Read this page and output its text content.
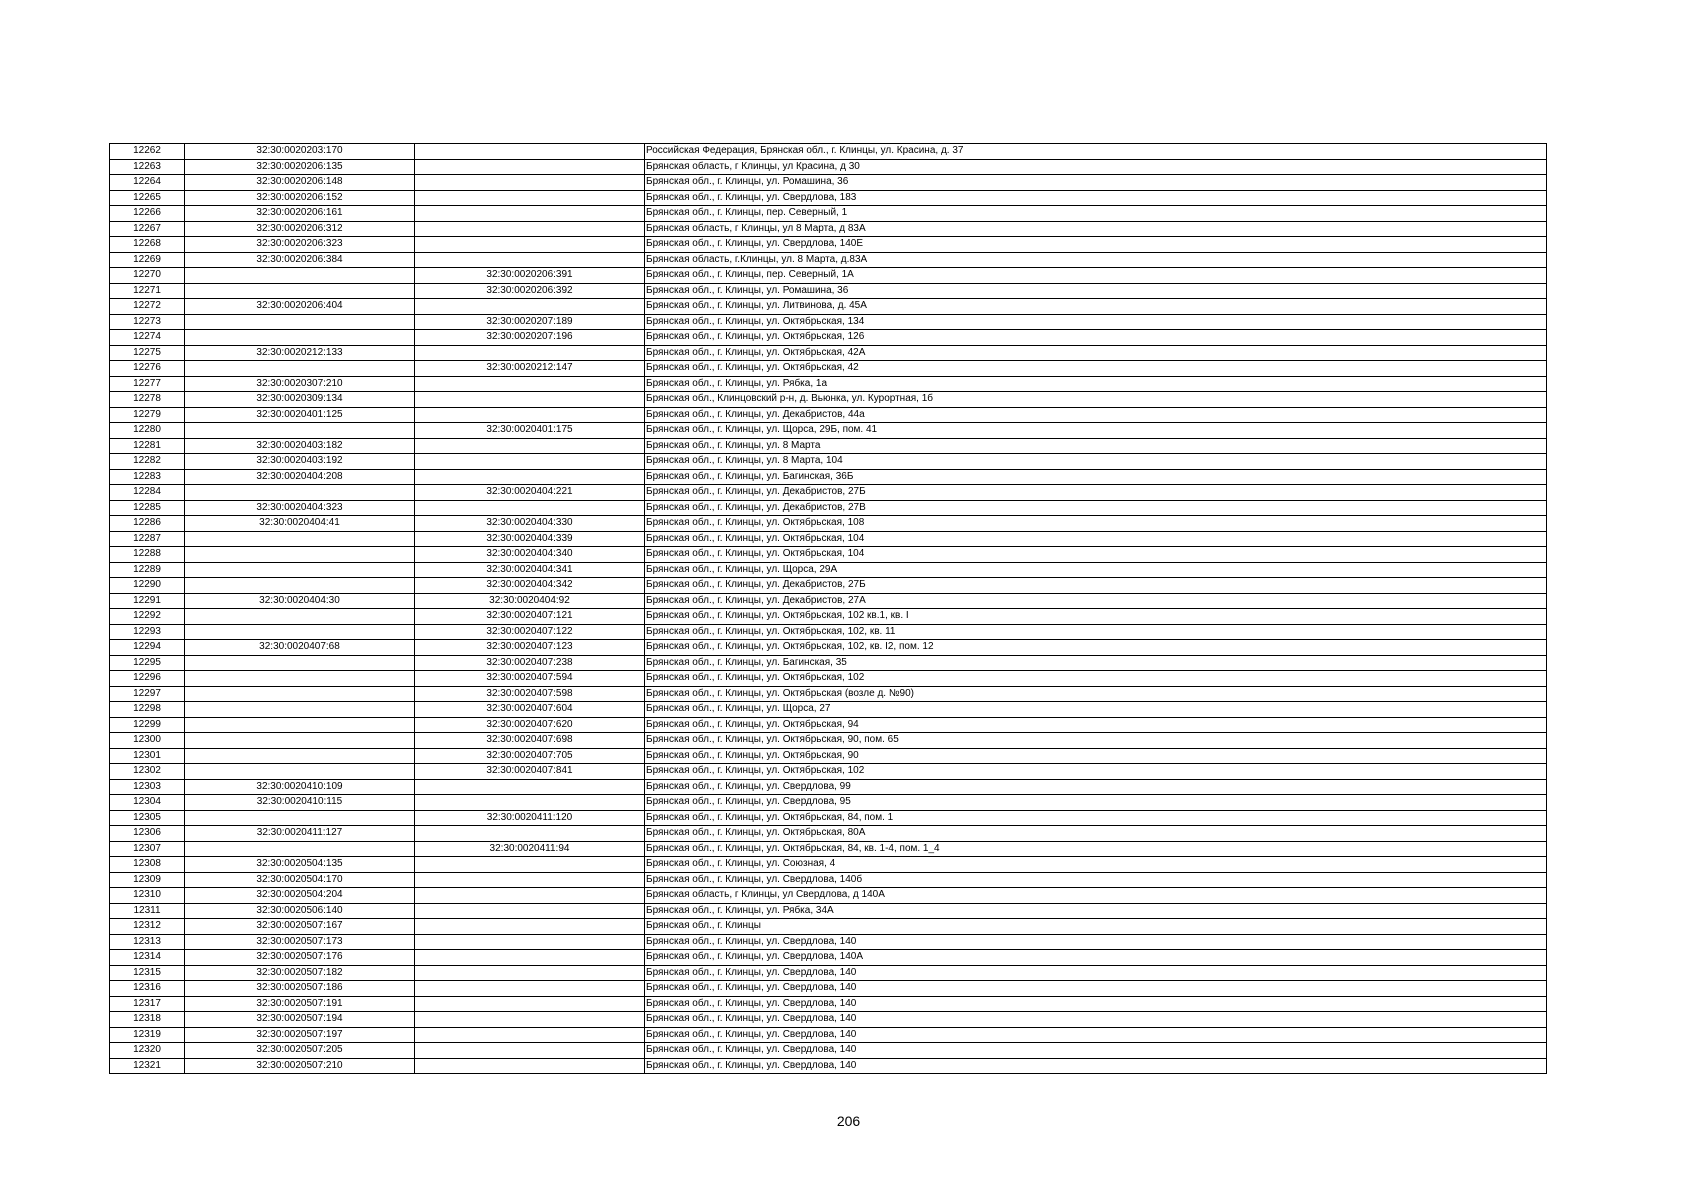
12262	32:30:0020203:170		Российская Федерация, Брянская обл., г. Клинцы, ул. Красина, д. 37
12263	32:30:0020206:135		Брянская область, г Клинцы, ул Красина, д 30
12264	32:30:0020206:148		Брянская обл., г. Клинцы, ул. Ромашина, 36
12265	32:30:0020206:152		Брянская обл., г. Клинцы, ул. Свердлова, 183
12266	32:30:0020206:161		Брянская обл., г. Клинцы, пер. Северный, 1
12267	32:30:0020206:312		Брянская область, г Клинцы, ул 8 Марта, д 83А
12268	32:30:0020206:323		Брянская обл., г. Клинцы, ул. Свердлова, 140Е
12269	32:30:0020206:384		Брянская область, г.Клинцы, ул. 8 Марта, д.83А
12270		32:30:0020206:391	Брянская обл., г. Клинцы, пер. Северный, 1А
12271		32:30:0020206:392	Брянская обл., г. Клинцы, ул. Ромашина, 36
12272	32:30:0020206:404		Брянская обл., г. Клинцы, ул. Литвинова, д. 45А
12273		32:30:0020207:189	Брянская обл., г. Клинцы, ул. Октябрьская, 134
12274		32:30:0020207:196	Брянская обл., г. Клинцы, ул. Октябрьская, 126
12275	32:30:0020212:133		Брянская обл., г. Клинцы, ул. Октябрьская, 42А
12276		32:30:0020212:147	Брянская обл., г. Клинцы, ул. Октябрьская, 42
12277	32:30:0020307:210		Брянская обл., г. Клинцы, ул. Рябка, 1а
12278	32:30:0020309:134		Брянская обл., Клинцовский р-н, д. Вьюнка, ул. Курортная, 1б
12279	32:30:0020401:125		Брянская обл., г. Клинцы, ул. Декабристов, 44а
12280		32:30:0020401:175	Брянская обл., г. Клинцы, ул. Щорса, 29Б, пом. 41
12281	32:30:0020403:182		Брянская обл., г. Клинцы, ул. 8 Марта
12282	32:30:0020403:192		Брянская обл., г. Клинцы, ул. 8 Марта, 104
12283	32:30:0020404:208		Брянская обл., г. Клинцы, ул. Багинская, 36Б
12284		32:30:0020404:221	Брянская обл., г. Клинцы, ул. Декабристов, 27Б
12285	32:30:0020404:323		Брянская обл., г. Клинцы, ул. Декабристов, 27В
12286	32:30:0020404:41	32:30:0020404:330	Брянская обл., г. Клинцы, ул. Октябрьская, 108
12287		32:30:0020404:339	Брянская обл., г. Клинцы, ул. Октябрьская, 104
12288		32:30:0020404:340	Брянская обл., г. Клинцы, ул. Октябрьская, 104
12289		32:30:0020404:341	Брянская обл., г. Клинцы, ул. Щорса, 29А
12290		32:30:0020404:342	Брянская обл., г. Клинцы, ул. Декабристов, 27Б
12291	32:30:0020404:30	32:30:0020404:92	Брянская обл., г. Клинцы, ул. Декабристов, 27А
12292		32:30:0020407:121	Брянская обл., г. Клинцы, ул. Октябрьская, 102 кв.1, кв. I
12293		32:30:0020407:122	Брянская обл., г. Клинцы, ул. Октябрьская, 102, кв. 11
12294	32:30:0020407:68	32:30:0020407:123	Брянская обл., г. Клинцы, ул. Октябрьская, 102, кв. I2, пом. 12
12295		32:30:0020407:238	Брянская обл., г. Клинцы, ул. Багинская, 35
12296		32:30:0020407:594	Брянская обл., г. Клинцы, ул. Октябрьская, 102
12297		32:30:0020407:598	Брянская обл., г. Клинцы, ул. Октябрьская (возле д. №90)
12298		32:30:0020407:604	Брянская обл., г. Клинцы, ул. Щорса, 27
12299		32:30:0020407:620	Брянская обл., г. Клинцы, ул. Октябрьская, 94
12300		32:30:0020407:698	Брянская обл., г. Клинцы, ул. Октябрьская, 90, пом. 65
12301		32:30:0020407:705	Брянская обл., г. Клинцы, ул. Октябрьская, 90
12302		32:30:0020407:841	Брянская обл., г. Клинцы, ул. Октябрьская, 102
12303	32:30:0020410:109		Брянская обл., г. Клинцы, ул. Свердлова, 99
12304	32:30:0020410:115		Брянская обл., г. Клинцы, ул. Свердлова, 95
12305		32:30:0020411:120	Брянская обл., г. Клинцы, ул. Октябрьская, 84, пом. 1
12306	32:30:0020411:127		Брянская обл., г. Клинцы, ул. Октябрьская, 80А
12307		32:30:0020411:94	Брянская обл., г. Клинцы, ул. Октябрьская, 84, кв. 1-4, пом. 1_4
12308	32:30:0020504:135		Брянская обл., г. Клинцы, ул. Союзная, 4
12309	32:30:0020504:170		Брянская обл., г. Клинцы, ул. Свердлова, 140б
12310	32:30:0020504:204		Брянская область, г Клинцы, ул Свердлова, д 140А
12311	32:30:0020506:140		Брянская обл., г. Клинцы, ул. Рябка, 34А
12312	32:30:0020507:167		Брянская обл., г. Клинцы
12313	32:30:0020507:173		Брянская обл., г. Клинцы, ул. Свердлова, 140
12314	32:30:0020507:176		Брянская обл., г. Клинцы, ул. Свердлова, 140А
12315	32:30:0020507:182		Брянская обл., г. Клинцы, ул. Свердлова, 140
12316	32:30:0020507:186		Брянская обл., г. Клинцы, ул. Свердлова, 140
12317	32:30:0020507:191		Брянская обл., г. Клинцы, ул. Свердлова, 140
12318	32:30:0020507:194		Брянская обл., г. Клинцы, ул. Свердлова, 140
12319	32:30:0020507:197		Брянская обл., г. Клинцы, ул. Свердлова, 140
12320	32:30:0020507:205		Брянская обл., г. Клинцы, ул. Свердлова, 140
12321	32:30:0020507:210		Брянская обл., г. Клинцы, ул. Свердлова, 140
206
